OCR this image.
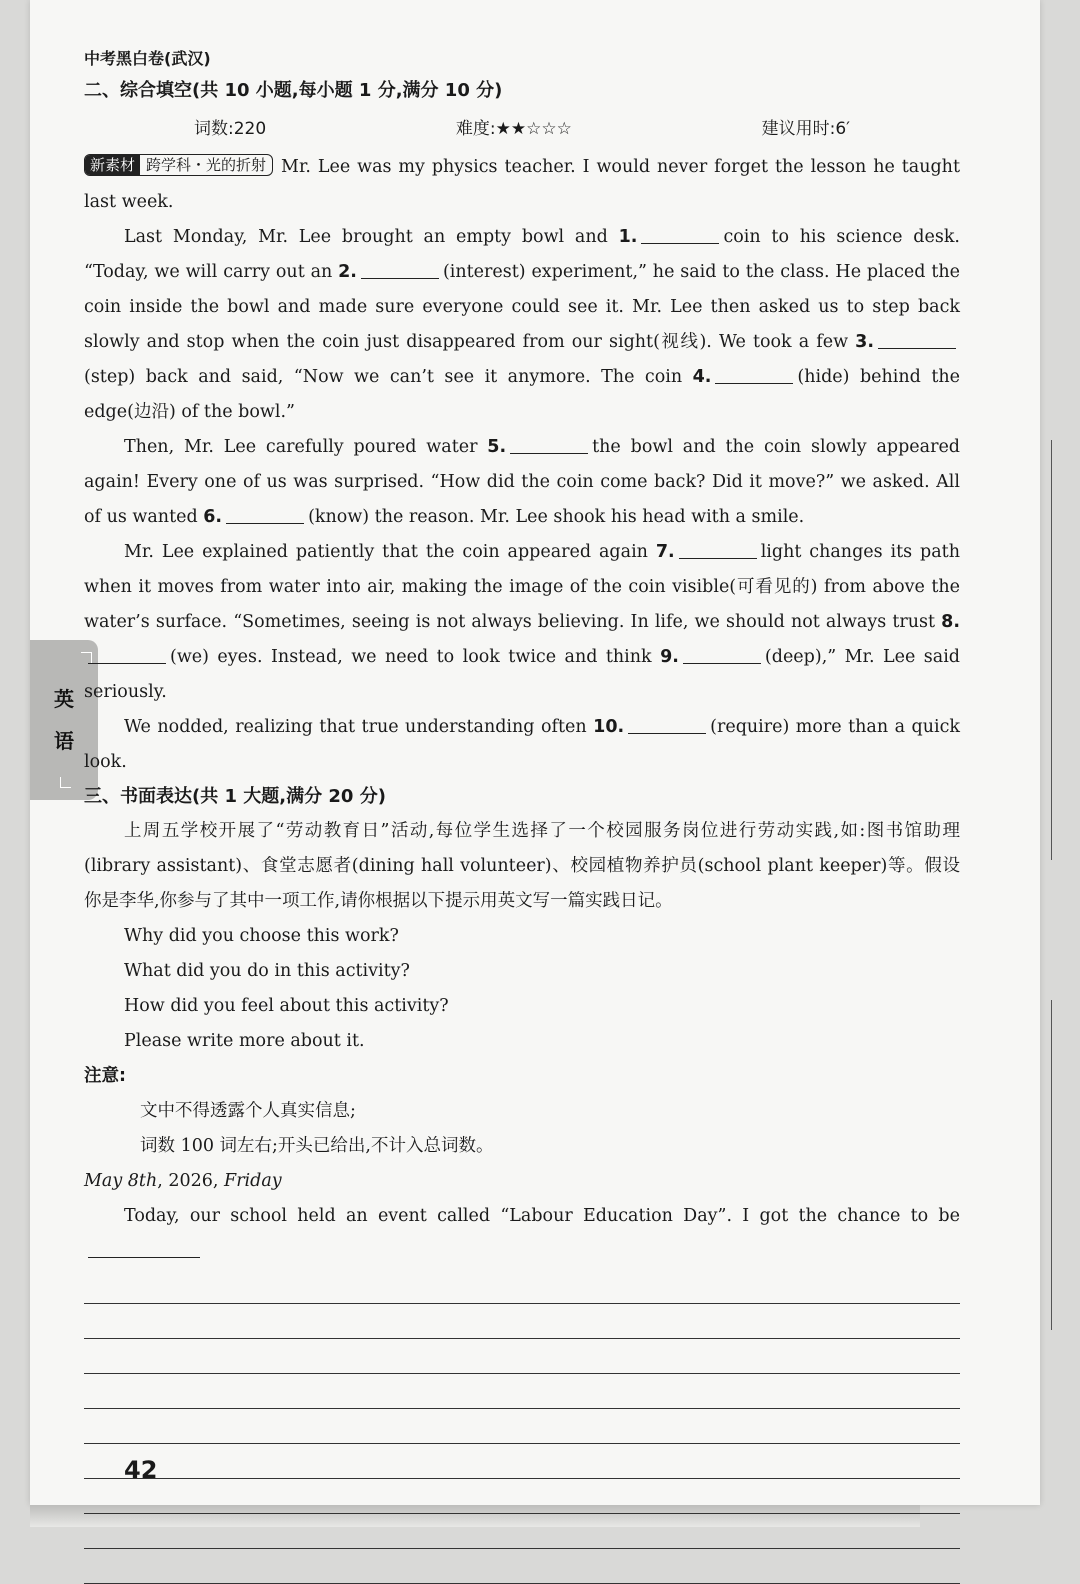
英
语
中考黑白卷(武汉)
二、综合填空(共 10 小题,每小题 1 分,满分 10 分)
词数:220	难度:★★☆☆☆	建议用时:6′

新素材 跨学科・光的折射 Mr. Lee was my physics teacher. I would never forget the lesson he taught last week.

Last Monday, Mr. Lee brought an empty bowl and 1.	coin to his science desk. “Today, we will carry out an 2.	(interest) experiment,” he said to the class. He placed the coin inside the bowl and made sure everyone could see it. Mr. Lee then asked us to step back slowly and stop when the coin just disappeared from our sight(视线). We took a few 3.(step) back and said, “Now we can’t see it anymore. The coin 4.	(hide) behind the edge(边沿) of the bowl.”

Then, Mr. Lee carefully poured water 5.	the bowl and the coin slowly appeared again! Every one of us was surprised. “How did the coin come back? Did it move?” we asked. All of us wanted 6.	(know) the reason. Mr. Lee shook his head with a smile.

Mr. Lee explained patiently that the coin appeared again 7.	light changes its path when it moves from water into air, making the image of the coin visible(可看见的) from above the water’s surface. “Sometimes, seeing is not always believing. In life, we should not always trust 8.(we) eyes. Instead, we need to look twice and think 9.	(deep),” Mr. Lee said seriously.

We nodded, realizing that true understanding often 10.	(require) more than a quick look.

三、书面表达(共 1 大题,满分 20 分)

上周五学校开展了“劳动教育日”活动,每位学生选择了一个校园服务岗位进行劳动实践,如:图书馆助理(library assistant)、食堂志愿者(dining hall volunteer)、校园植物养护员(school plant keeper)等。假设你是李华,你参与了其中一项工作,请你根据以下提示用英文写一篇实践日记。

Why did you choose this work?
What did you do in this activity?
How did you feel about this activity?
Please write more about it.
注意:
文中不得透露个人真实信息;
词数 100 词左右;开头已给出,不计入总词数。
May 8th, 2026, Friday

Today, our school held an event called “Labour Education Day”. I got the chance to be

42
